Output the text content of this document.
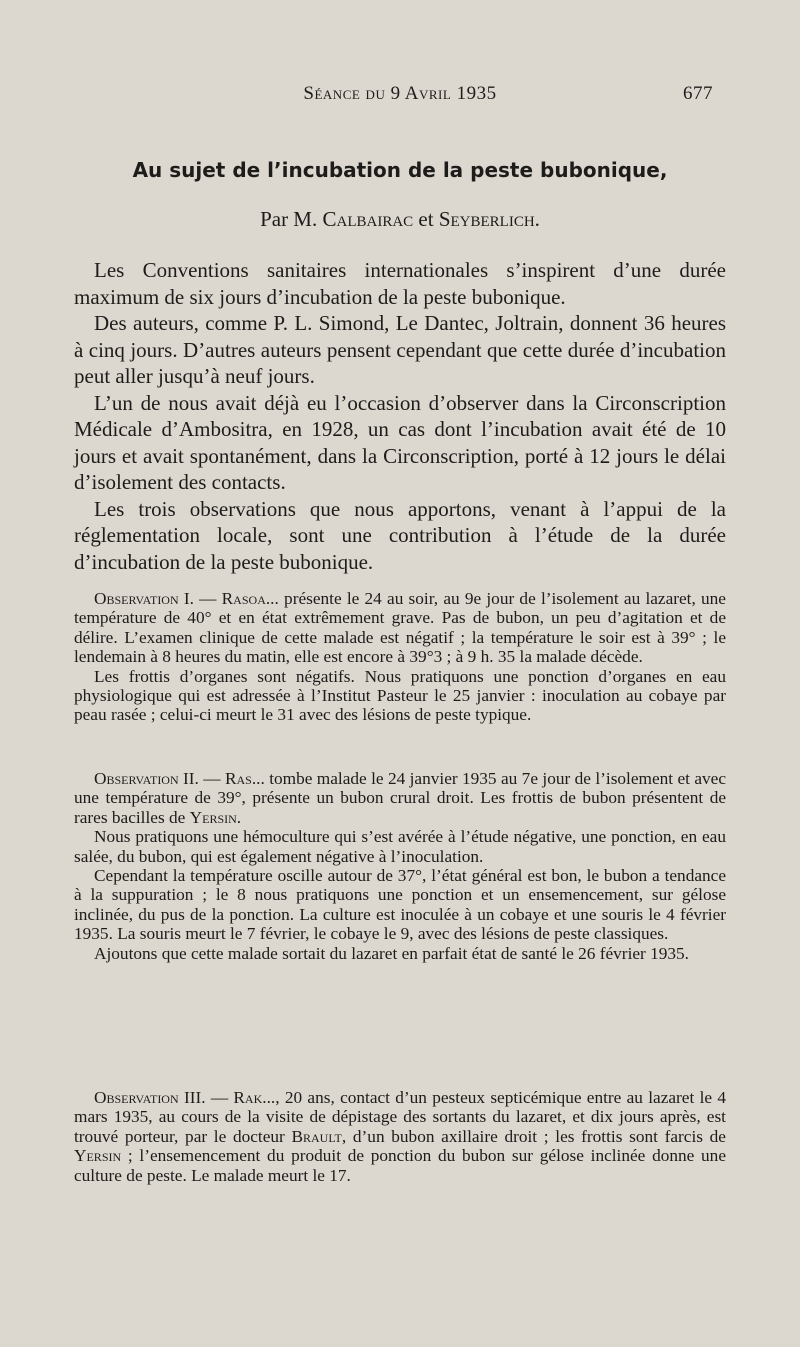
Séance du 9 Avril 1935	677
Au sujet de l’incubation de la peste bubonique,
Par M. Calbairac et Seyberlich.

Les Conventions sanitaires internationales s’inspirent d’une durée maximum de six jours d’incubation de la peste bubonique.

Des auteurs, comme P. L. Simond, Le Dantec, Joltrain, donnent 36 heures à cinq jours. D’autres auteurs pensent cependant que cette durée d’incubation peut aller jusqu’à neuf jours.

L’un de nous avait déjà eu l’occasion d’observer dans la Circonscription Médicale d’Ambositra, en 1928, un cas dont l’incubation avait été de 10 jours et avait spontanément, dans la Circonscription, porté à 12 jours le délai d’isolement des contacts.

Les trois observations que nous apportons, venant à l’appui de la réglementation locale, sont une contribution à l’étude de la durée d’incubation de la peste bubonique.

Observation I. — Rasoa... présente le 24 au soir, au 9e jour de l’isolement au lazaret, une température de 40° et en état extrêmement grave. Pas de bubon, un peu d’agitation et de délire. L’examen clinique de cette malade est négatif ; la température le soir est à 39° ; le lendemain à 8 heures du matin, elle est encore à 39°3 ; à 9 h. 35 la malade décède.

Les frottis d’organes sont négatifs. Nous pratiquons une ponction d’organes en eau physiologique qui est adressée à l’Institut Pasteur le 25 janvier : inoculation au cobaye par peau rasée ; celui-ci meurt le 31 avec des lésions de peste typique.

Observation II. — Ras... tombe malade le 24 janvier 1935 au 7e jour de l’isolement et avec une température de 39°, présente un bubon crural droit. Les frottis de bubon présentent de rares bacilles de Yersin.

Nous pratiquons une hémoculture qui s’est avérée à l’étude négative, une ponction, en eau salée, du bubon, qui est également négative à l’inoculation.

Cependant la température oscille autour de 37°, l’état général est bon, le bubon a tendance à la suppuration ; le 8 nous pratiquons une ponction et un ensemencement, sur gélose inclinée, du pus de la ponction. La culture est inoculée à un cobaye et une souris le 4 février 1935. La souris meurt le 7 février, le cobaye le 9, avec des lésions de peste classiques.

Ajoutons que cette malade sortait du lazaret en parfait état de santé le 26 février 1935.

Observation III. — Rak..., 20 ans, contact d’un pesteux septicémique entre au lazaret le 4 mars 1935, au cours de la visite de dépistage des sortants du lazaret, et dix jours après, est trouvé porteur, par le docteur Brault, d’un bubon axillaire droit ; les frottis sont farcis de Yersin ; l’ensemencement du produit de ponction du bubon sur gélose inclinée donne une culture de peste. Le malade meurt le 17.
